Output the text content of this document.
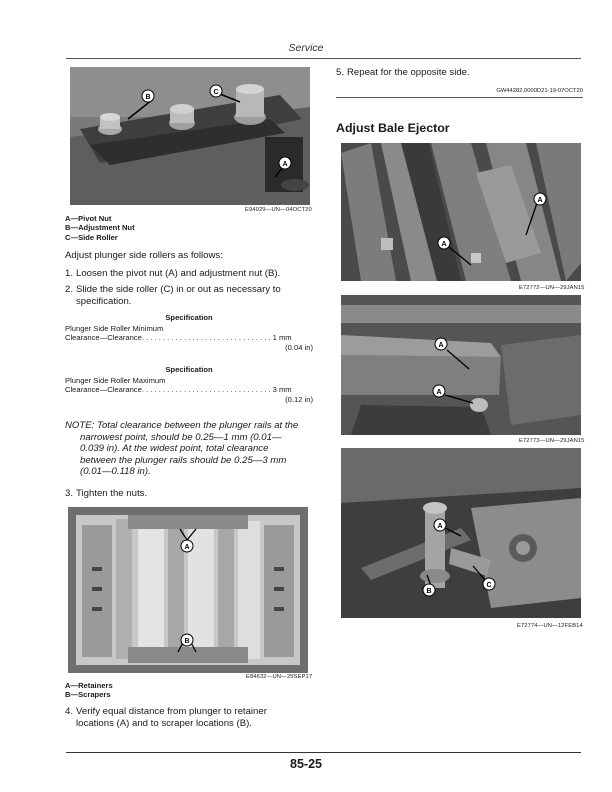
Service
B
C
A
E94929—UN—04OCT20
A—Pivot Nut
B—Adjustment Nut
C—Side Roller
Adjust plunger side rollers as follows:
1. Loosen the pivot nut (A) and adjustment nut (B).
2. Slide the side roller (C) in or out as necessary to
specification.
Specification
Plunger Side Roller Minimum
Clearance—Clearance. . . . . . . . . . . . . . . . . . . . . . . . . . . . . . . 1 mm
(0.04 in)
Specification
Plunger Side Roller Maximum
Clearance—Clearance. . . . . . . . . . . . . . . . . . . . . . . . . . . . . . . 3 mm
(0.12 in)
NOTE: Total clearance between the plunger rails at the
narrowest point, should be 0.25—1 mm (0.01—
0.039 in). At the widest point, total clearance
between the plunger rails should be 0.25—3 mm
(0.01—0.118 in).
3. Tighten the nuts.
A
B
E84632—UN—25SEP17
A—Retainers
B—Scrapers
4. Verify equal distance from plunger to retainer
locations (A) and to scraper locations (B).
5. Repeat for the opposite side.
GW44282,0000D21-19-07OCT20
Adjust Bale Ejector
A
A
E72772—UN—29JAN15
A
A
E72773—UN—29JAN15
A
B
C
E72774—UN—12FEB14
85-25
